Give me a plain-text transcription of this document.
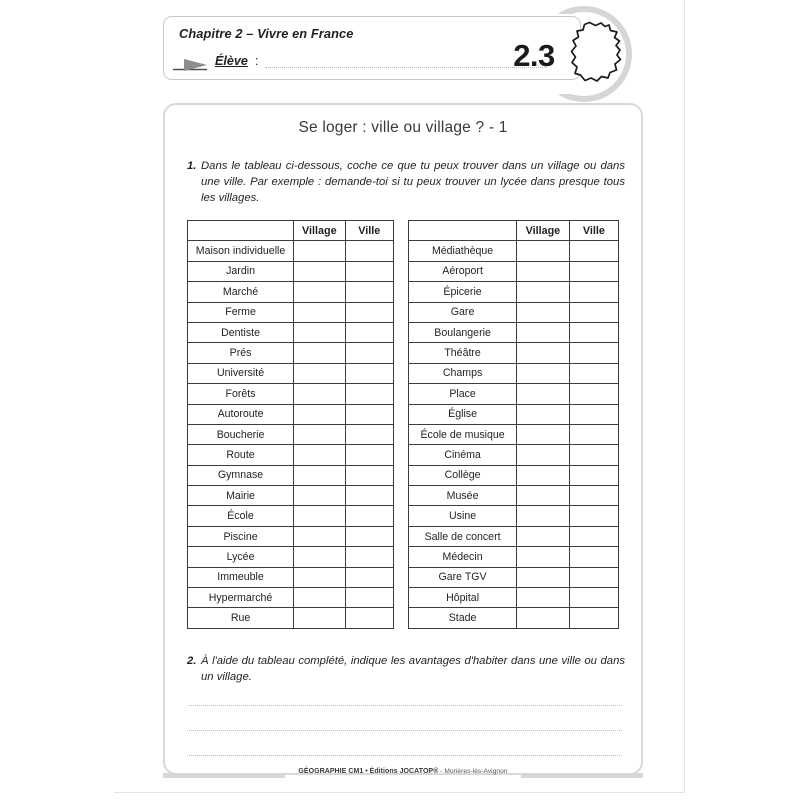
Chapitre 2 – Vivre en France
Élève :	2.3
Se loger : ville ou village ? - 1
1. Dans le tableau ci-dessous, coche ce que tu peux trouver dans un village ou dans une ville. Par exemple : demande-toi si tu peux trouver un lycée dans presque tous les villages.
	Village	Ville
Maison individuelle		
Jardin		
Marché		
Ferme		
Dentiste		
Prés		
Université		
Forêts		
Autoroute		
Boucherie		
Route		
Gymnase		
Mairie		
École		
Piscine		
Lycée		
Immeuble		
Hypermarché		
Rue		
	Village	Ville
Médiathèque		
Aéroport		
Épicerie		
Gare		
Boulangerie		
Théâtre		
Champs		
Place		
Église		
École de musique		
Cinéma		
Collège		
Musée		
Usine		
Salle de concert		
Médecin		
Gare TGV		
Hôpital		
Stade		
2. À l'aide du tableau complété, indique les avantages d'habiter dans une ville ou dans un village.
GÉOGRAPHIE CM1 • Éditions JOCATOP® - Morières-lès-Avignon
